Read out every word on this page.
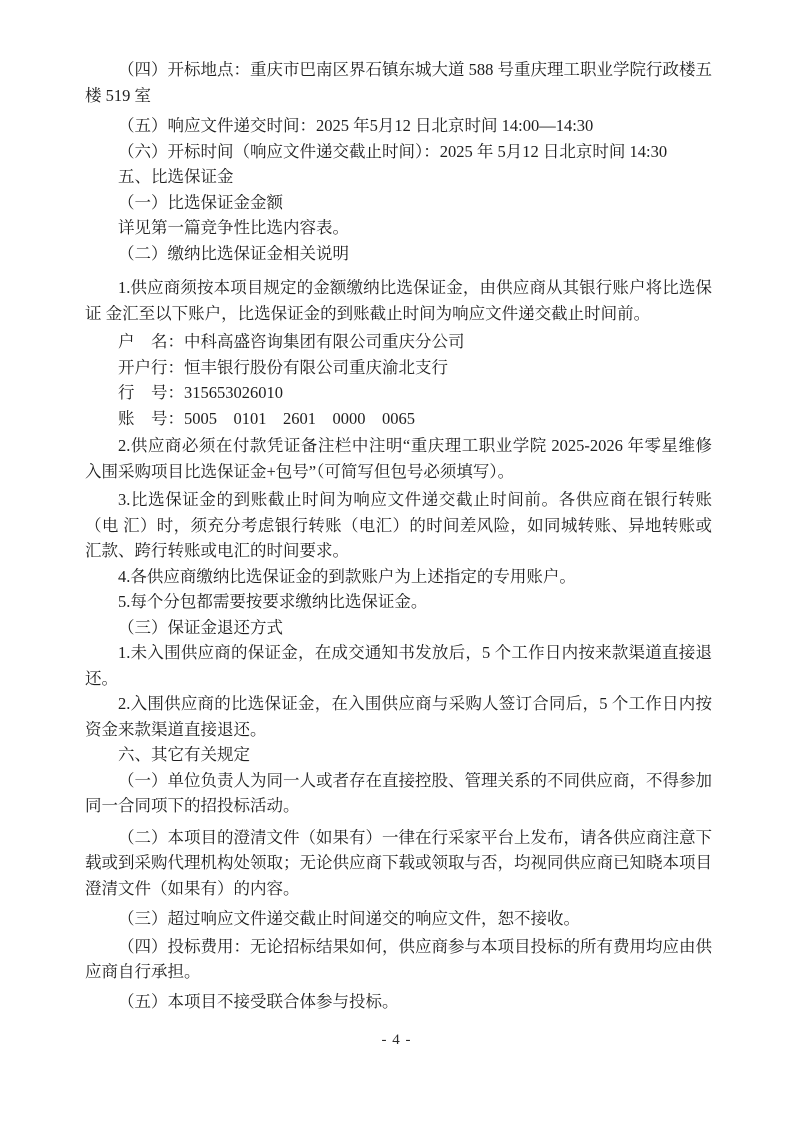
（四）开标地点：重庆市巴南区界石镇东城大道 588 号重庆理工职业学院行政楼五楼 519 室

（五）响应文件递交时间：2025 年5月12 日北京时间 14:00—14:30

（六）开标时间（响应文件递交截止时间）：2025 年 5月12 日北京时间 14:30

五、比选保证金

（一）比选保证金金额

详见第一篇竞争性比选内容表。

（二）缴纳比选保证金相关说明

1.供应商须按本项目规定的金额缴纳比选保证金，由供应商从其银行账户将比选保证 金汇至以下账户，比选保证金的到账截止时间为响应文件递交截止时间前。

户　名：中科高盛咨询集团有限公司重庆分公司

开户行：恒丰银行股份有限公司重庆渝北支行

行　号：315653026010

账　号：5005　0101　2601　0000　0065

2.供应商必须在付款凭证备注栏中注明“重庆理工职业学院 2025-2026 年零星维修入围采购项目比选保证金+包号”（可简写但包号必须填写）。

3.比选保证金的到账截止时间为响应文件递交截止时间前。各供应商在银行转账（电 汇）时，须充分考虑银行转账（电汇）的时间差风险，如同城转账、异地转账或汇款、跨行转账或电汇的时间要求。

4.各供应商缴纳比选保证金的到款账户为上述指定的专用账户。

5.每个分包都需要按要求缴纳比选保证金。

（三）保证金退还方式

1.未入围供应商的保证金，在成交通知书发放后，5 个工作日内按来款渠道直接退还。

2.入围供应商的比选保证金，在入围供应商与采购人签订合同后，5 个工作日内按资金来款渠道直接退还。

六、其它有关规定

（一）单位负责人为同一人或者存在直接控股、管理关系的不同供应商，不得参加同一合同项下的招投标活动。

（二）本项目的澄清文件（如果有）一律在行采家平台上发布，请各供应商注意下载或到采购代理机构处领取；无论供应商下载或领取与否，均视同供应商已知晓本项目澄清文件（如果有）的内容。

（三）超过响应文件递交截止时间递交的响应文件，恕不接收。

（四）投标费用：无论招标结果如何，供应商参与本项目投标的所有费用均应由供应商自行承担。

（五）本项目不接受联合体参与投标。

- 4 -
